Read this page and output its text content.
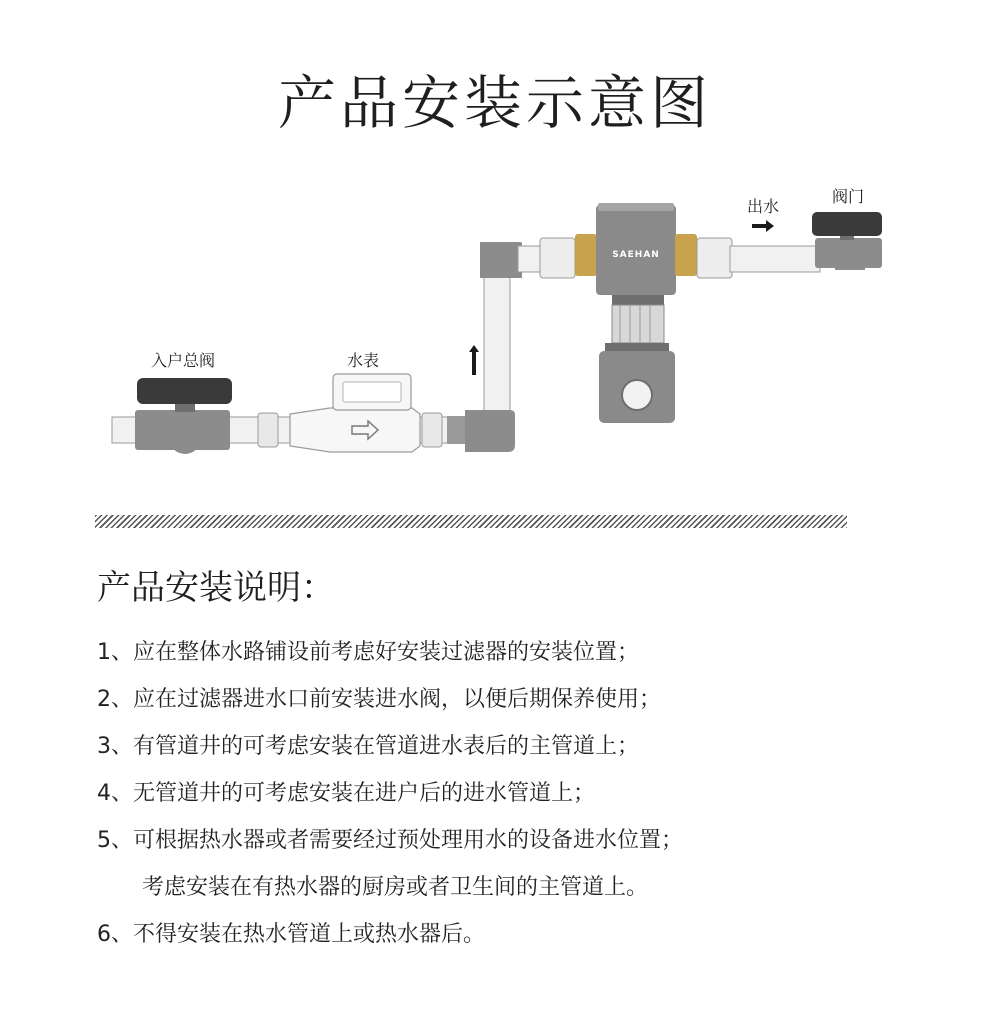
产品安装示意图
入户总阀	水表
SAEHAN
出水
阀门
产品安装说明：
1、应在整体水路铺设前考虑好安装过滤器的安装位置；
2、应在过滤器进水口前安装进水阀，以便后期保养使用；
3、有管道井的可考虑安装在管道进水表后的主管道上；
4、无管道井的可考虑安装在进户后的进水管道上；
5、可根据热水器或者需要经过预处理用水的设备进水位置；
考虑安装在有热水器的厨房或者卫生间的主管道上。
6、不得安装在热水管道上或热水器后。
